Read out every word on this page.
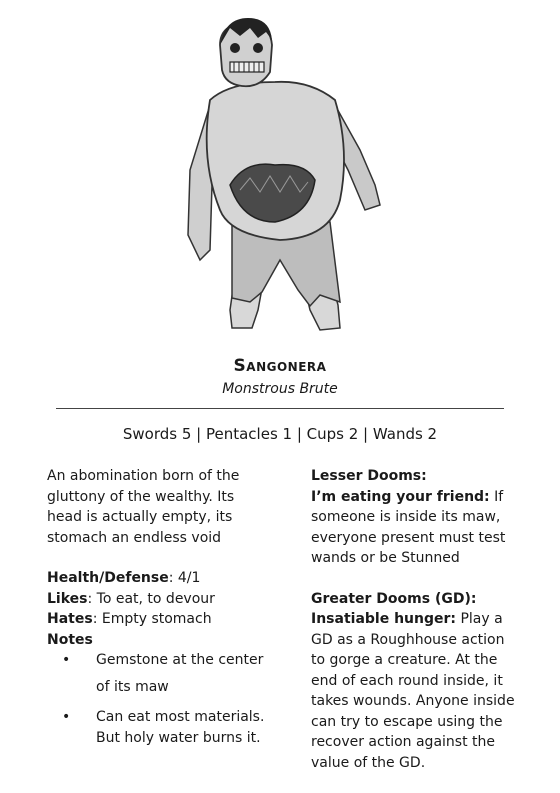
Sangonera
Monstrous Brute
Swords 5 | Pentacles 1 | Cups 2 | Wands 2
An abomination born of the gluttony of the wealthy. Its head is actually empty, its stomach an endless void
Health/Defense: 4/1
Likes: To eat, to devour
Hates: Empty stomach
Notes
• Gemstone at the center of its maw
• Can eat most materials. But holy water burns it.
Lesser Dooms:
I’m eating your friend: If someone is inside its maw, everyone present must test wands or be Stunned
Greater Dooms (GD):
Insatiable hunger: Play a GD as a Roughhouse action to gorge a creature. At the end of each round inside, it takes wounds. Anyone inside can try to escape using the recover action against the value of the GD.
